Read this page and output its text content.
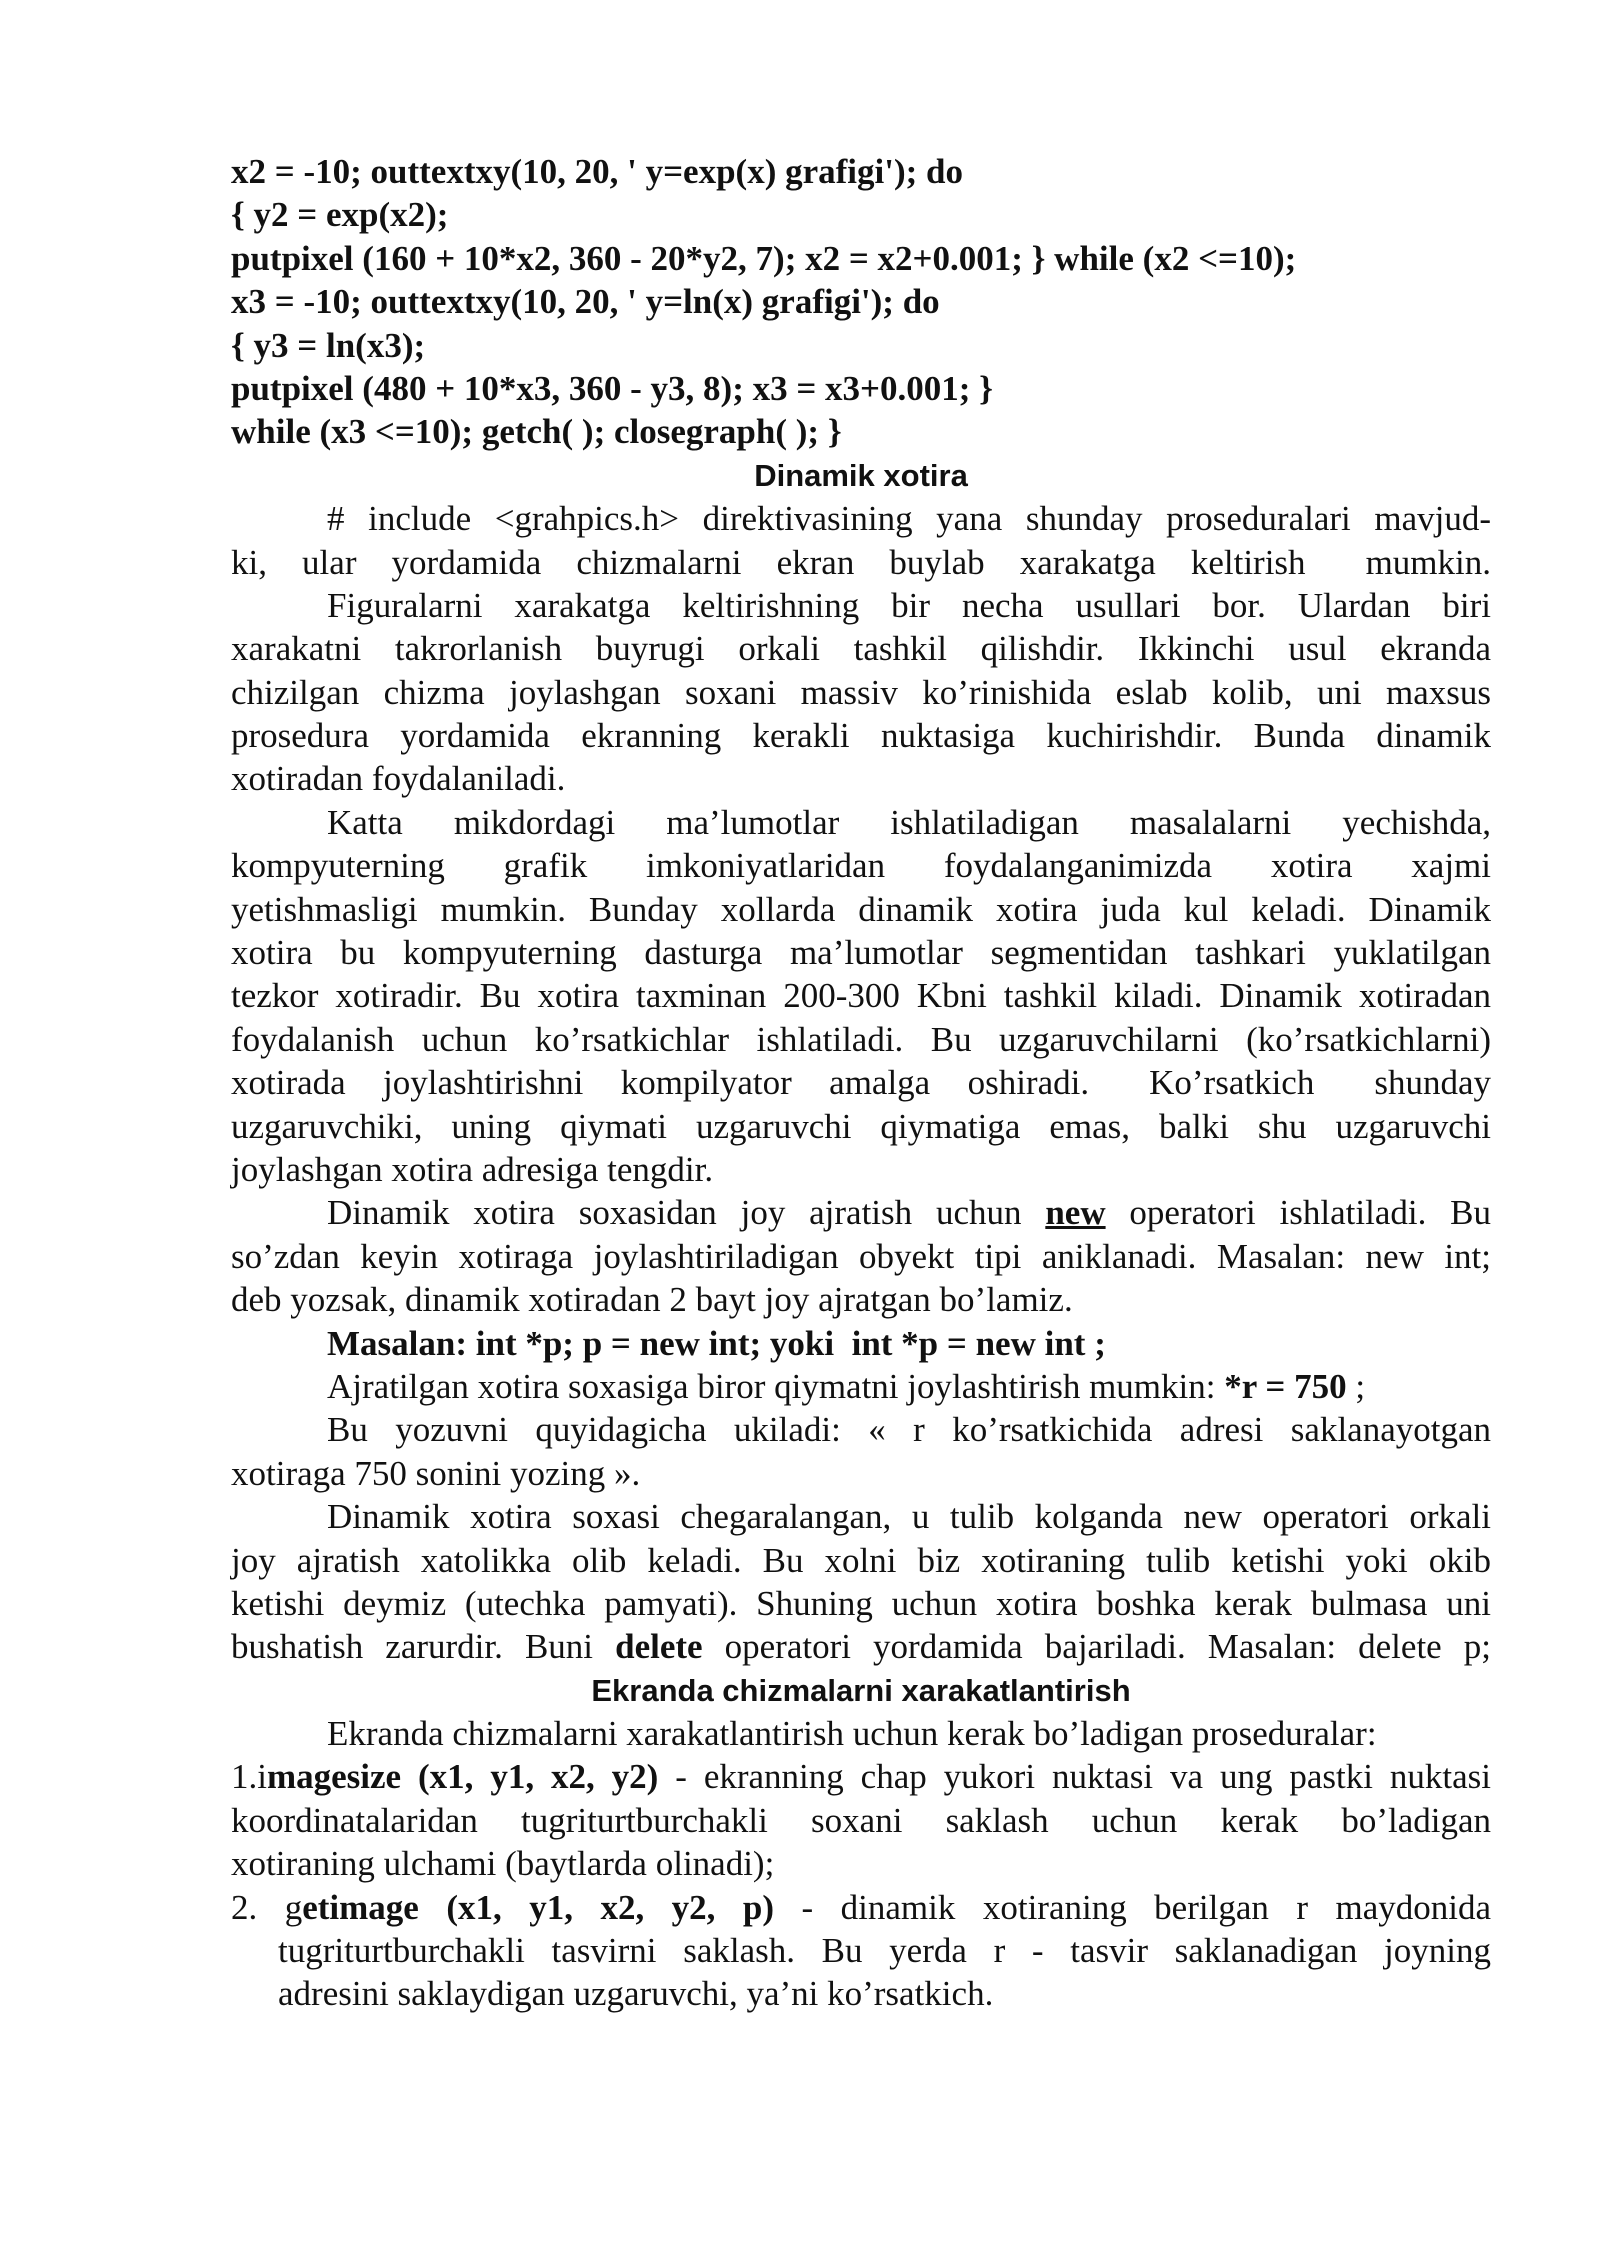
x2 = -10; outtextxy(10, 20, ' y=exp(x) grafigi'); do
{ y2 = exp(x2);
putpixel (160 + 10*x2, 360 - 20*y2, 7); x2 = x2+0.001; } while (x2 <=10);
x3 = -10; outtextxy(10, 20, ' y=ln(x) grafigi'); do
{ y3 = ln(x3);
putpixel (480 + 10*x3, 360 - y3, 8); x3 = x3+0.001; }
while (x3 <=10); getch( ); closegraph( ); }
Dinamik xotira
# include <grahpics.h> direktivasining yana shunday proseduralari mavjud-
ki, ular yordamida chizmalarni ekran buylab xarakatga keltirish mumkin.
Figuralarni xarakatga keltirishning bir necha usullari bor. Ulardan biri
xarakatni takrorlanish buyrugi orkali tashkil qilishdir. Ikkinchi usul ekranda
chizilgan chizma joylashgan soxani massiv ko’rinishida eslab kolib, uni maxsus
prosedura yordamida ekranning kerakli nuktasiga kuchirishdir. Bunda dinamik
xotiradan foydalaniladi.
Katta mikdordagi ma’lumotlar ishlatiladigan masalalarni yechishda,
kompyuterning grafik imkoniyatlaridan foydalanganimizda xotira xajmi
yetishmasligi mumkin. Bunday xollarda dinamik xotira juda kul keladi. Dinamik
xotira bu kompyuterning dasturga ma’lumotlar segmentidan tashkari yuklatilgan
tezkor xotiradir. Bu xotira taxminan 200-300 Kbni tashkil kiladi. Dinamik xotiradan
foydalanish uchun ko’rsatkichlar ishlatiladi. Bu uzgaruvchilarni (ko’rsatkichlarni)
xotirada joylashtirishni kompilyator amalga oshiradi. Ko’rsatkich shunday
uzgaruvchiki, uning qiymati uzgaruvchi qiymatiga emas, balki shu uzgaruvchi
joylashgan xotira adresiga tengdir.
Dinamik xotira soxasidan joy ajratish uchun new operatori ishlatiladi. Bu
so’zdan keyin xotiraga joylashtiriladigan obyekt tipi aniklanadi. Masalan: new int;
deb yozsak, dinamik xotiradan 2 bayt joy ajratgan bo’lamiz.
Masalan: int *p; p = new int; yoki  int *p = new int ;
Ajratilgan xotira soxasiga biror qiymatni joylashtirish mumkin: *r = 750 ;
Bu yozuvni quyidagicha ukiladi: « r ko’rsatkichida adresi saklanayotgan
xotiraga 750 sonini yozing ».
Dinamik xotira soxasi chegaralangan, u tulib kolganda new operatori orkali
joy ajratish xatolikka olib keladi. Bu xolni biz xotiraning tulib ketishi yoki okib
ketishi deymiz (utechka pamyati). Shuning uchun xotira boshka kerak bulmasa uni
bushatish zarurdir. Buni delete operatori yordamida bajariladi. Masalan: delete p;
Ekranda chizmalarni xarakatlantirish
Ekranda chizmalarni xarakatlantirish uchun kerak bo’ladigan proseduralar:
1.imagesize (x1, y1, x2, y2) - ekranning chap yukori nuktasi va ung pastki nuktasi
koordinatalaridan tugriturtburchakli soxani saklash uchun kerak bo’ladigan
xotiraning ulchami (baytlarda olinadi);
2. getimage (x1, y1, x2, y2, p) - dinamik xotiraning berilgan r maydonida
tugriturtburchakli tasvirni saklash. Bu yerda r - tasvir saklanadigan joyning
adresini saklaydigan uzgaruvchi, ya’ni ko’rsatkich.
